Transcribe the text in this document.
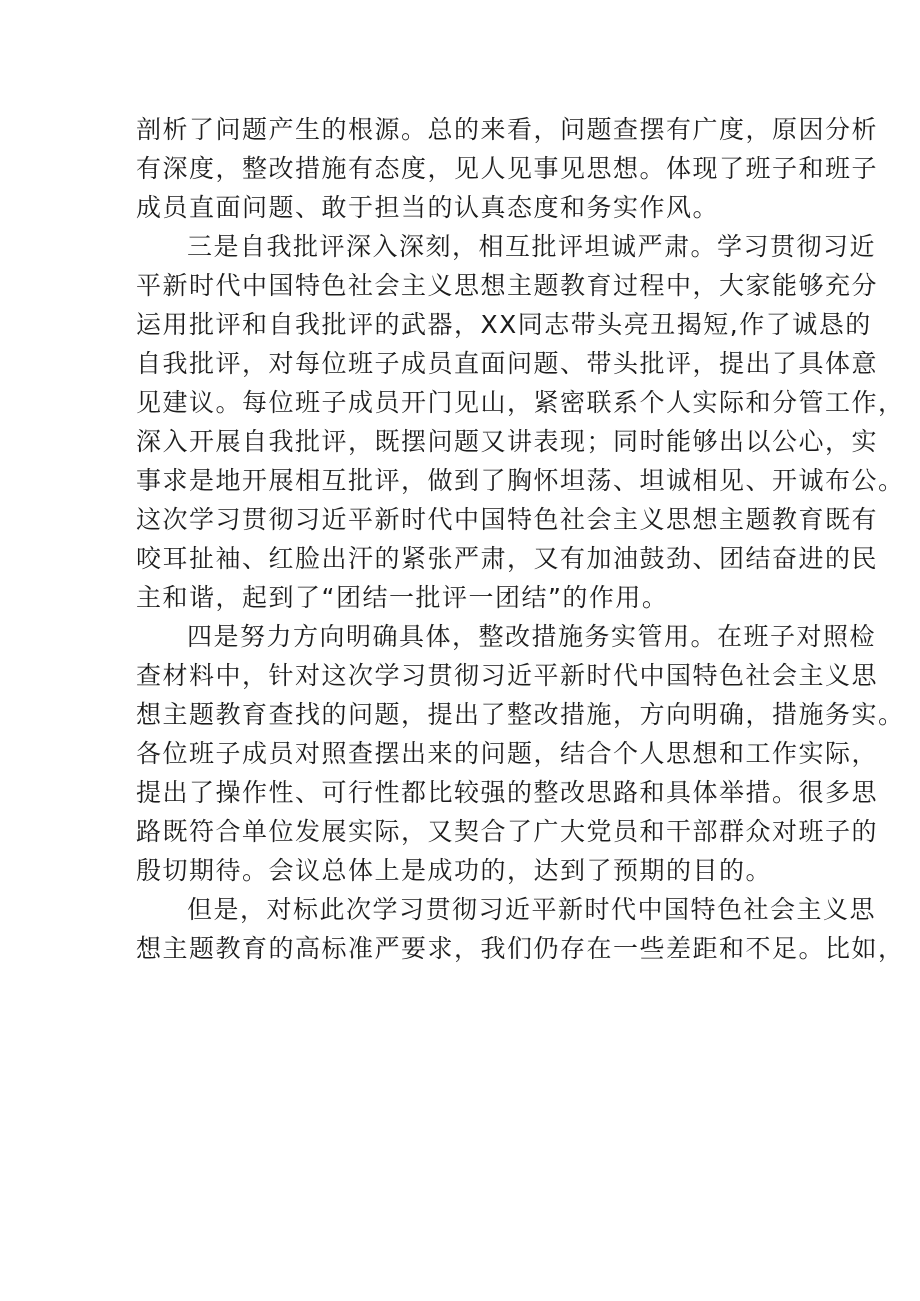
剖析了问题产生的根源。总的来看，问题查摆有广度，原因分析
有深度，整改措施有态度，见人见事见思想。体现了班子和班子
成员直面问题、敢于担当的认真态度和务实作风。
三是自我批评深入深刻，相互批评坦诚严肃。学习贯彻习近
平新时代中国特色社会主义思想主题教育过程中，大家能够充分
运用批评和自我批评的武器，XX同志带头亮丑揭短,作了诚恳的
自我批评，对每位班子成员直面问题、带头批评，提出了具体意
见建议。每位班子成员开门见山，紧密联系个人实际和分管工作，
深入开展自我批评，既摆问题又讲表现；同时能够出以公心，实
事求是地开展相互批评，做到了胸怀坦荡、坦诚相见、开诚布公。
这次学习贯彻习近平新时代中国特色社会主义思想主题教育既有
咬耳扯袖、红脸出汗的紧张严肃，又有加油鼓劲、团结奋进的民
主和谐，起到了“团结一批评一团结”的作用。
四是努力方向明确具体，整改措施务实管用。在班子对照检
查材料中，针对这次学习贯彻习近平新时代中国特色社会主义思
想主题教育查找的问题，提出了整改措施，方向明确，措施务实。
各位班子成员对照查摆出来的问题，结合个人思想和工作实际，
提出了操作性、可行性都比较强的整改思路和具体举措。很多思
路既符合单位发展实际，又契合了广大党员和干部群众对班子的
殷切期待。会议总体上是成功的，达到了预期的目的。
但是，对标此次学习贯彻习近平新时代中国特色社会主义思
想主题教育的高标准严要求，我们仍存在一些差距和不足。比如，
